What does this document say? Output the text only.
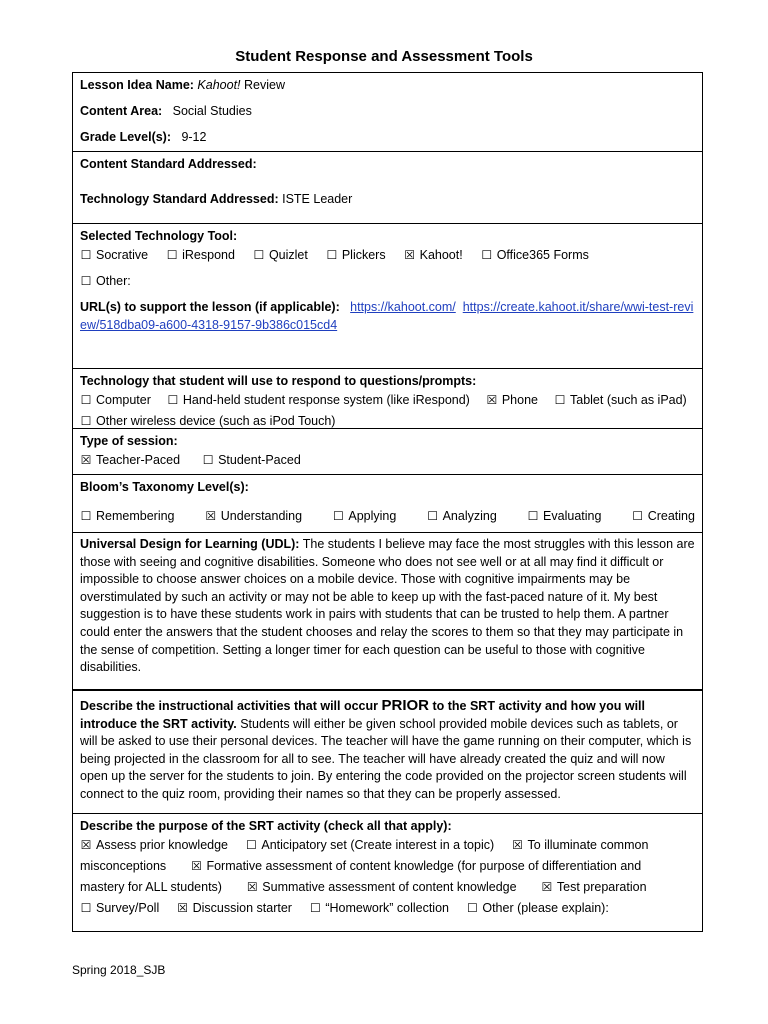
Student Response and Assessment Tools
Lesson Idea Name: Kahoot! Review
Content Area: Social Studies
Grade Level(s): 9-12
Content Standard Addressed:
Technology Standard Addressed: ISTE Leader
Selected Technology Tool:
☐ Socrative ☐ iRespond ☐ Quizlet ☐ Plickers ☒ Kahoot! ☐ Office365 Forms
☐ Other:
URL(s) to support the lesson (if applicable): https://kahoot.com/ https://create.kahoot.it/share/wwi-test-review/518dba09-a600-4318-9157-9b386c015cd4
Technology that student will use to respond to questions/prompts:
☐ Computer ☐ Hand-held student response system (like iRespond) ☒ Phone ☐ Tablet (such as iPad)
☐ Other wireless device (such as iPod Touch)
Type of session:
☒ Teacher-Paced ☐ Student-Paced
Bloom’s Taxonomy Level(s):
☐ Remembering	☒ Understanding	☐ Applying	☐ Analyzing	☐ Evaluating	☐ Creating
Universal Design for Learning (UDL): The students I believe may face the most struggles with this lesson are those with seeing and cognitive disabilities. Someone who does not see well or at all may find it difficult or impossible to choose answer choices on a mobile device. Those with cognitive impairments may be overstimulated by such an activity or may not be able to keep up with the fast-paced nature of it. My best suggestion is to have these students work in pairs with students that can be trusted to help them. A partner could enter the answers that the student chooses and relay the scores to them so that they may participate in the sense of competition. Setting a longer timer for each question can be useful to those with cognitive disabilities.
Describe the instructional activities that will occur PRIOR to the SRT activity and how you will introduce the SRT activity. Students will either be given school provided mobile devices such as tablets, or will be asked to use their personal devices. The teacher will have the game running on their computer, which is being projected in the classroom for all to see. The teacher will have already created the quiz and will now open up the server for the students to join. By entering the code provided on the projector screen students will connect to the quiz room, providing their names so that they can be properly assessed.
Describe the purpose of the SRT activity (check all that apply):
☒ Assess prior knowledge
☐ Anticipatory set (Create interest in a topic)
☒ To illuminate common
misconceptions ☒ Formative assessment of content knowledge (for purpose of differentiation and
mastery for ALL students) ☒ Summative assessment of content knowledge
☒ Test preparation
☐ Survey/Poll
☒ Discussion starter
☐ “Homework” collection
☐ Other (please explain):
Spring 2018_SJB
